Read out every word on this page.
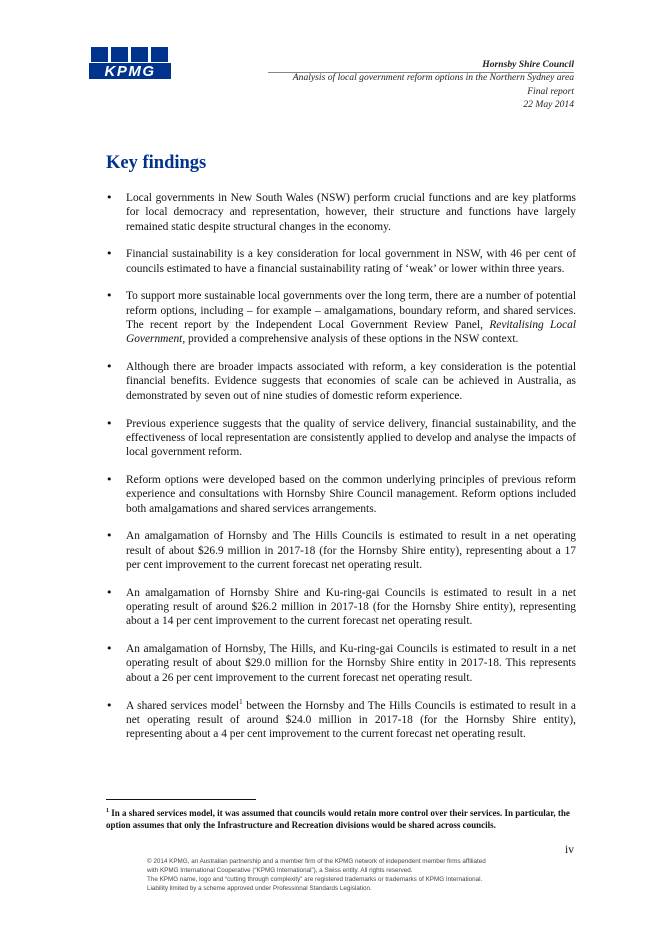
KPMG	Hornsby Shire Council
Analysis of local government reform options in the Northern Sydney area
Final report
22 May 2014
Key findings
• Local governments in New South Wales (NSW) perform crucial functions and are key platforms for local democracy and representation, however, their structure and functions have largely remained static despite structural changes in the economy.
• Financial sustainability is a key consideration for local government in NSW, with 46 per cent of councils estimated to have a financial sustainability rating of ‘weak’ or lower within three years.
• To support more sustainable local governments over the long term, there are a number of potential reform options, including – for example – amalgamations, boundary reform, and shared services. The recent report by the Independent Local Government Review Panel, Revitalising Local Government, provided a comprehensive analysis of these options in the NSW context.
• Although there are broader impacts associated with reform, a key consideration is the potential financial benefits. Evidence suggests that economies of scale can be achieved in Australia, as demonstrated by seven out of nine studies of domestic reform experience.
• Previous experience suggests that the quality of service delivery, financial sustainability, and the effectiveness of local representation are consistently applied to develop and analyse the impacts of local government reform.
• Reform options were developed based on the common underlying principles of previous reform experience and consultations with Hornsby Shire Council management. Reform options included both amalgamations and shared services arrangements.
• An amalgamation of Hornsby and The Hills Councils is estimated to result in a net operating result of about $26.9 million in 2017-18 (for the Hornsby Shire entity), representing about a 17 per cent improvement to the current forecast net operating result.
• An amalgamation of Hornsby Shire and Ku-ring-gai Councils is estimated to result in a net operating result of around $26.2 million in 2017-18 (for the Hornsby Shire entity), representing about a 14 per cent improvement to the current forecast net operating result.
• An amalgamation of Hornsby, The Hills, and Ku-ring-gai Councils is estimated to result in a net operating result of about $29.0 million for the Hornsby Shire entity in 2017-18. This represents about a 26 per cent improvement to the current forecast net operating result.
• A shared services model$^1$ between the Hornsby and The Hills Councils is estimated to result in a net operating result of around $24.0 million in 2017-18 (for the Hornsby Shire entity), representing about a 4 per cent improvement to the current forecast net operating result.

$^1$ In a shared services model, it was assumed that councils would retain more control over their services. In particular, the option assumes that only the Infrastructure and Recreation divisions would be shared across councils.

iv

© 2014 KPMG, an Australian partnership and a member firm of the KPMG network of independent member firms affiliated

with KPMG International Cooperative (“KPMG International”), a Swiss entity. All rights reserved.

The KPMG name, logo and “cutting through complexity” are registered trademarks or trademarks of KPMG International.

Liability limited by a scheme approved under Professional Standards Legislation.
